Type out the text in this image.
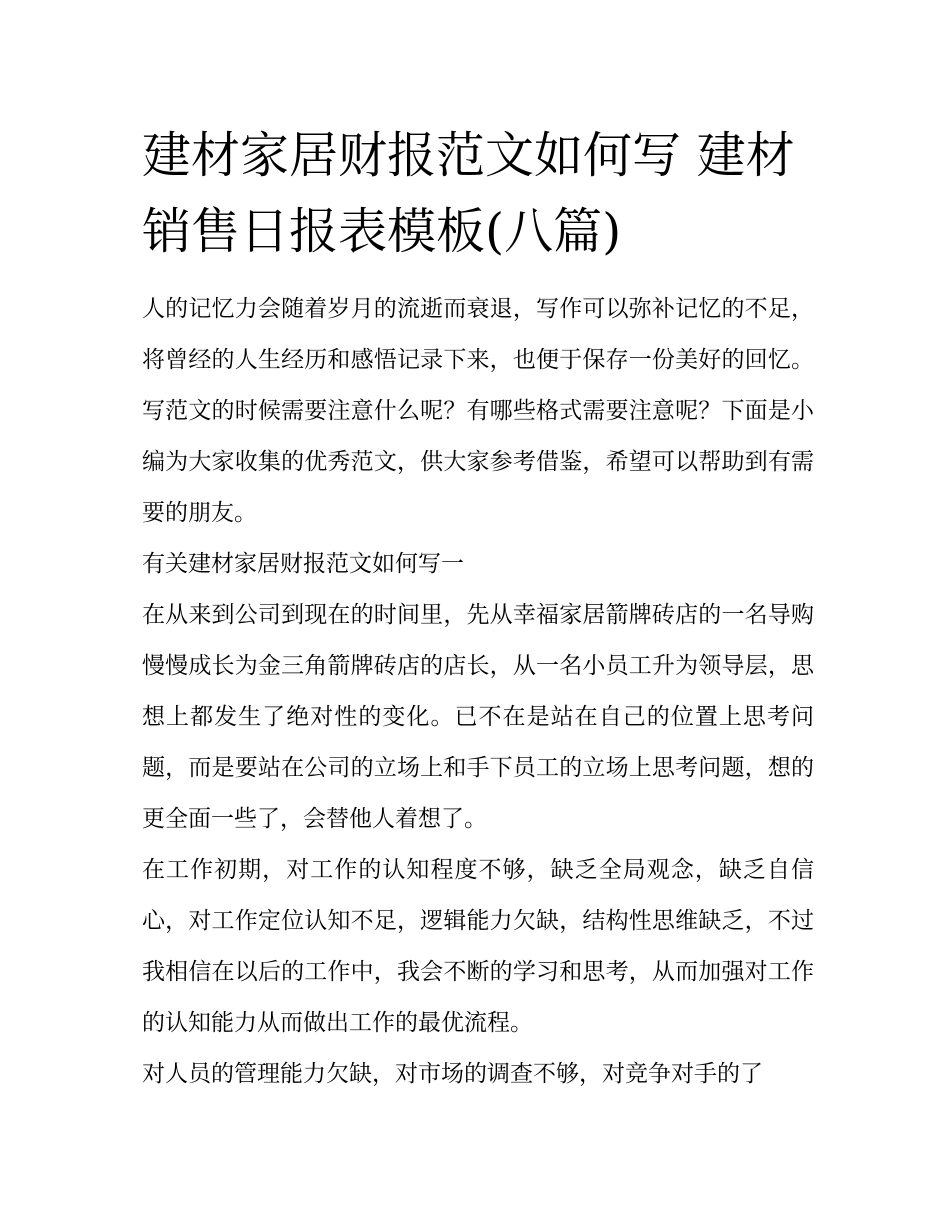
建材家居财报范文如何写 建材销售日报表模板(八篇)

人的记忆力会随着岁月的流逝而衰退，写作可以弥补记忆的不足，将曾经的人生经历和感悟记录下来，也便于保存一份美好的回忆。写范文的时候需要注意什么呢？有哪些格式需要注意呢？下面是小编为大家收集的优秀范文，供大家参考借鉴，希望可以帮助到有需要的朋友。

有关建材家居财报范文如何写一

在从来到公司到现在的时间里，先从幸福家居箭牌砖店的一名导购慢慢成长为金三角箭牌砖店的店长，从一名小员工升为领导层，思想上都发生了绝对性的变化。已不在是站在自己的位置上思考问题，而是要站在公司的立场上和手下员工的立场上思考问题，想的更全面一些了，会替他人着想了。

在工作初期，对工作的认知程度不够，缺乏全局观念，缺乏自信心，对工作定位认知不足，逻辑能力欠缺，结构性思维缺乏，不过我相信在以后的工作中，我会不断的学习和思考，从而加强对工作的认知能力从而做出工作的最优流程。

对人员的管理能力欠缺，对市场的调查不够，对竞争对手的了
